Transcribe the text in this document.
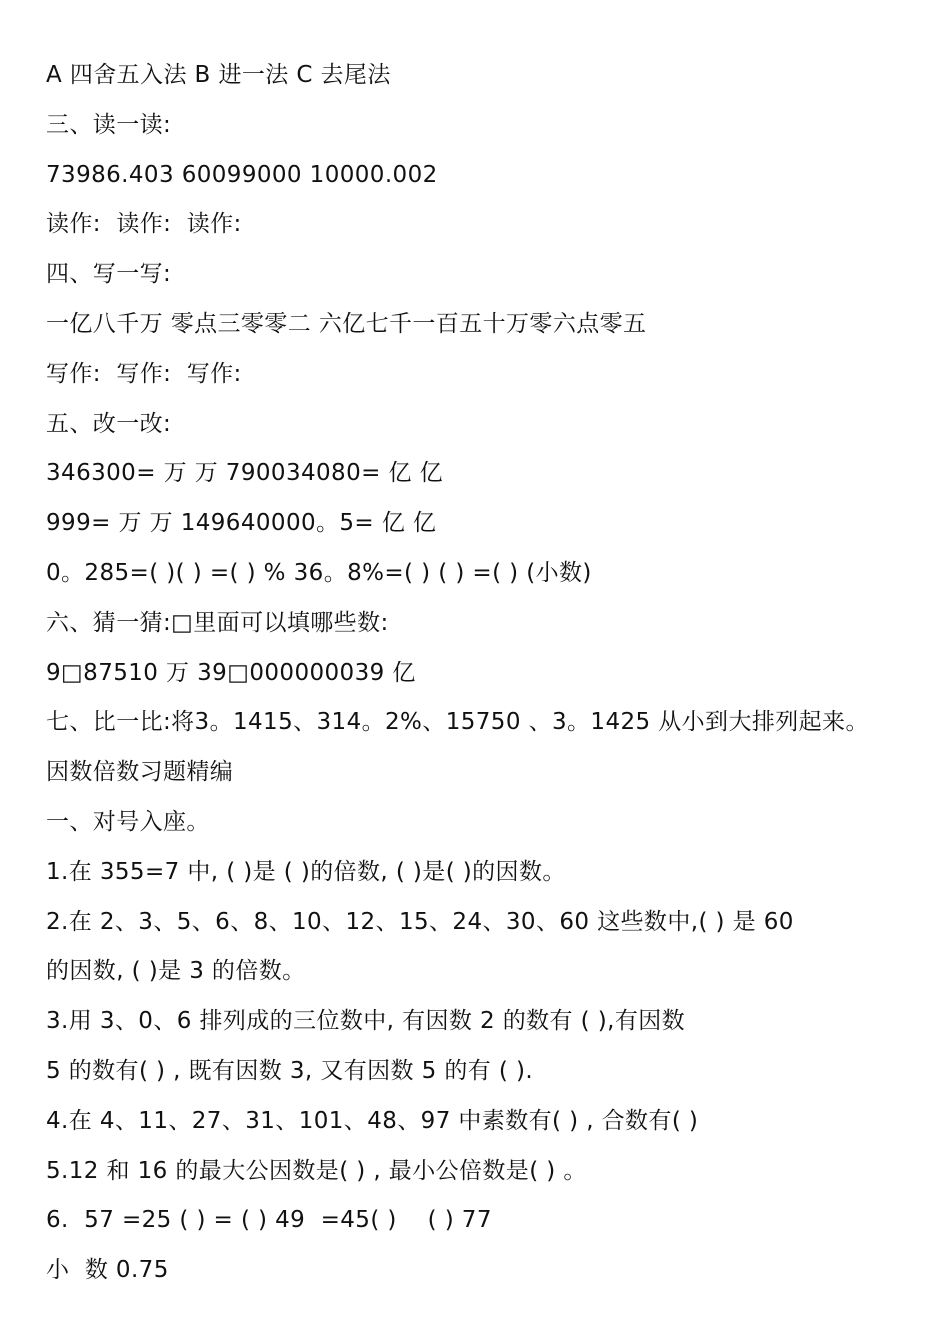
A 四舍五入法 B 进一法 C 去尾法
三、读一读:
73986.403 60099000 10000.002
读作:  读作:  读作:
四、写一写:
一亿八千万 零点三零零二 六亿七千一百五十万零六点零五
写作:  写作:  写作:
五、改一改:
346300= 万 万 790034080= 亿 亿
999= 万 万 149640000。5= 亿 亿
0。285=( )( ) =( ) % 36。8%=( ) ( ) =( ) (小数)
六、猜一猜:□里面可以填哪些数:
9□87510 万 39□000000039 亿
七、比一比:将3。1415、314。2%、15750 、3。1425 从小到大排列起来。
因数倍数习题精编
一、对号入座。
1.在 355=7 中, ( )是 ( )的倍数, ( )是( )的因数。
2.在 2、3、5、6、8、10、12、15、24、30、60 这些数中,( ) 是 60
的因数, ( )是 3 的倍数。
3.用 3、0、6 排列成的三位数中, 有因数 2 的数有 ( ),有因数
5 的数有( ) , 既有因数 3, 又有因数 5 的有 ( ).
4.在 4、11、27、31、101、48、97 中素数有( ) , 合数有( )
5.12 和 16 的最大公因数是( ) , 最小公倍数是( ) 。
6.  57 =25 ( ) = ( ) 49  =45( )    ( ) 77
小  数 0.75
